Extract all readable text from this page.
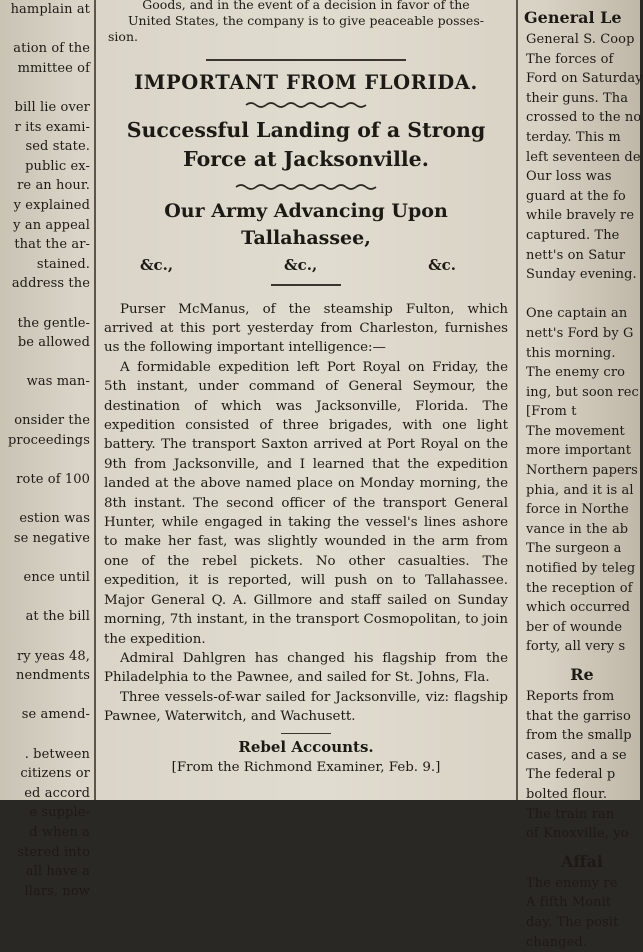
hamplain at

ation of the
mmittee of

bill lie over
r its exami-
sed state.
public ex-
re an hour.
y explained
y an appeal
that the ar-
stained.
address the

the gentle-
be allowed

was man-

onsider the
proceedings

rote of 100

estion was
se negative

ence until

at the bill

ry yeas 48,
nendments

se amend-

. between
citizens or
ed accord
e supple-
d when a
stered into
all have a
llars, now

Goods, and in the event of a decision in favor of the

United States, the company is to give peaceable posses-

sion.

IMPORTANT FROM FLORIDA.
Successful Landing of a Strong Force at Jacksonville.
Our Army Advancing Upon Tallahassee,
&c.,	&c.,	&c.

Purser McManus, of the steamship Fulton, which arrived at this port yesterday from Charleston, furnishes us the following important intelligence:—

A formidable expedition left Port Royal on Friday, the 5th instant, under command of General Seymour, the destination of which was Jacksonville, Florida. The expedition consisted of three brigades, with one light battery. The transport Saxton arrived at Port Royal on the 9th from Jacksonville, and I learned that the expedition landed at the above named place on Monday morning, the 8th instant. The second officer of the transport General Hunter, while engaged in taking the vessel's lines ashore to make her fast, was slightly wounded in the arm from one of the rebel pickets. No other casualties. The expedition, it is reported, will push on to Tallahassee. Major General Q. A. Gillmore and staff sailed on Sunday morning, 7th instant, in the transport Cosmopolitan, to join the expedition.

Admiral Dahlgren has changed his flagship from the Philadelphia to the Pawnee, and sailed for St. Johns, Fla.

Three vessels-of-war sailed for Jacksonville, viz: flagship Pawnee, Waterwitch, and Wachusett.

Rebel Accounts.

[From the Richmond Examiner, Feb. 9.]

General Le
General S. Coop
The forces of
Ford on Saturday
their guns. Tha
crossed to the no
terday. This m
left seventeen de
Our loss was
guard at the fo
while bravely re
captured. The
nett's on Satur
Sunday evening.

One captain an
nett's Ford by G
this morning.
The enemy cro
ing, but soon rec
[From t
The movement
more important
Northern papers
phia, and it is al
force in Northe
vance in the ab
The surgeon a
notified by teleg
the reception of
which occurred
ber of wounde
forty, all very s
Re
Reports from
that the garriso
from the smallp
cases, and a se
The federal p
bolted flour.
The train ran
of Knoxville, yo
Affai
The enemy re
A fifth Monit
day. The posit
changed.
